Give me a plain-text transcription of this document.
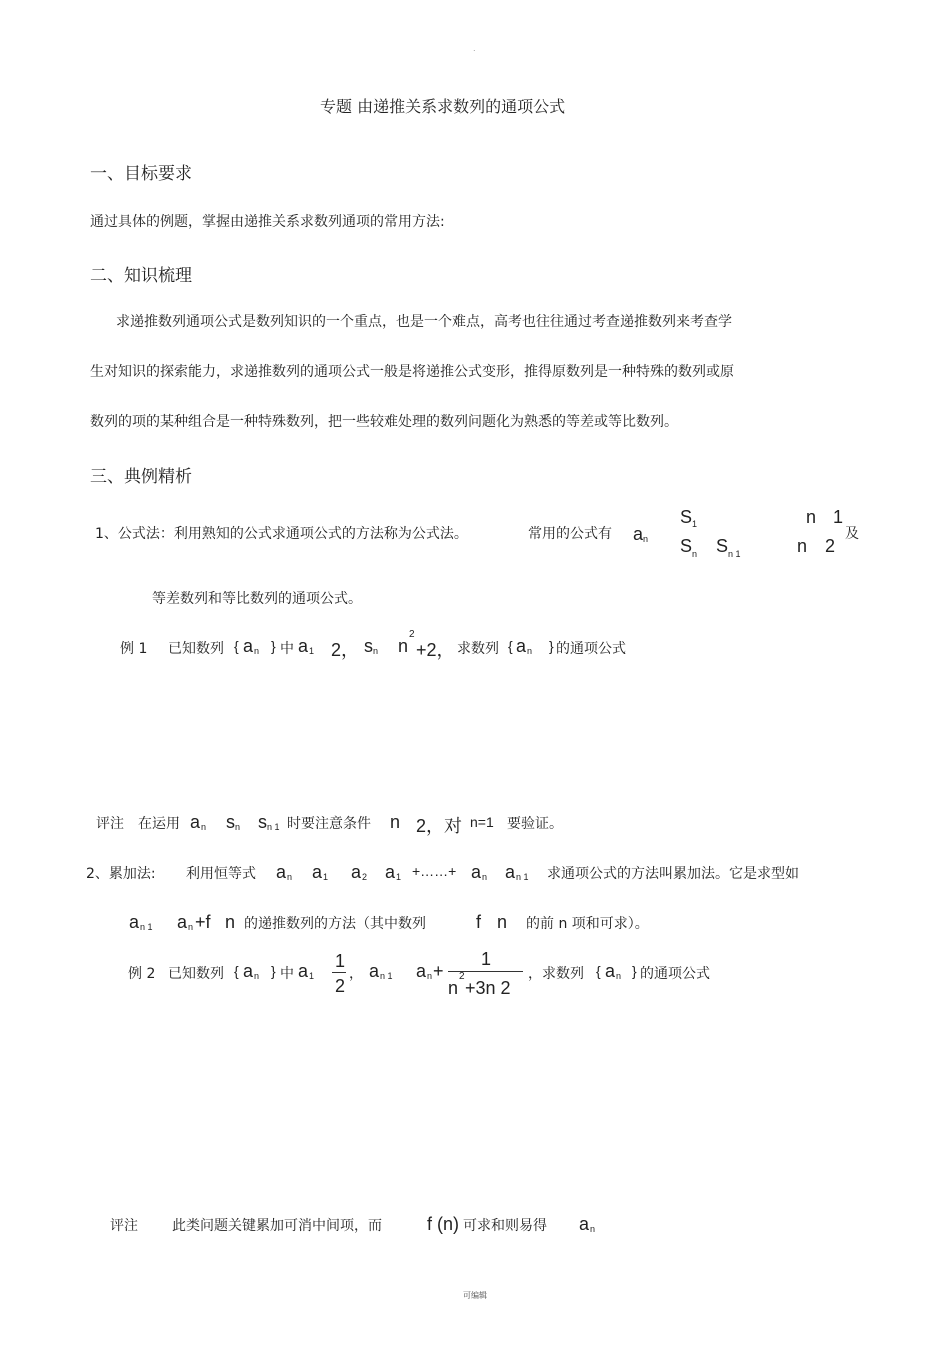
.
专题 由递推关系求数列的通项公式
一、目标要求
通过具体的例题，掌握由递推关系求数列通项的常用方法:
二、知识梳理
求递推数列通项公式是数列知识的一个重点，也是一个难点，高考也往往通过考查递推数列来考查学
生对知识的探索能力，求递推数列的通项公式一般是将递推公式变形，推得原数列是一种特殊的数列或原
数列的项的某种组合是一种特殊数列，把一些较难处理的数列问题化为熟悉的等差或等比数列。
三、典例精析
1、公式法：利用熟知的公式求通项公式的方法称为公式法。	常用的公式有 a n
S 1	n 1
S n S n 1	n 2
及
等差数列和等比数列的通项公式。
例 1 已知数列 { a n } 中 a 1 2， s n n
2
+2， 求数列 { a n } 的通项公式
评注 在运用 a n s n s n 1 时要注意条件 n 2，对 n=1 要验证。
2、累加法: 利用恒等式 a n a 1 a 2 a 1 +……+ a n a n 1 求通项公式的方法叫累加法。它是求型如
a n 1 a n +f n 的递推数列的方法（其中数列	f n 的前 n 项和可求）。
例 2 已知数列 { a n } 中 a 1
1
2
， a n 1 a n +
1
n
2
+3n 2
，求数列 { a n } 的通项公式
评注 此类问题关键累加可消中间项，而	f (n) 可求和则易得 a n
可编辑
